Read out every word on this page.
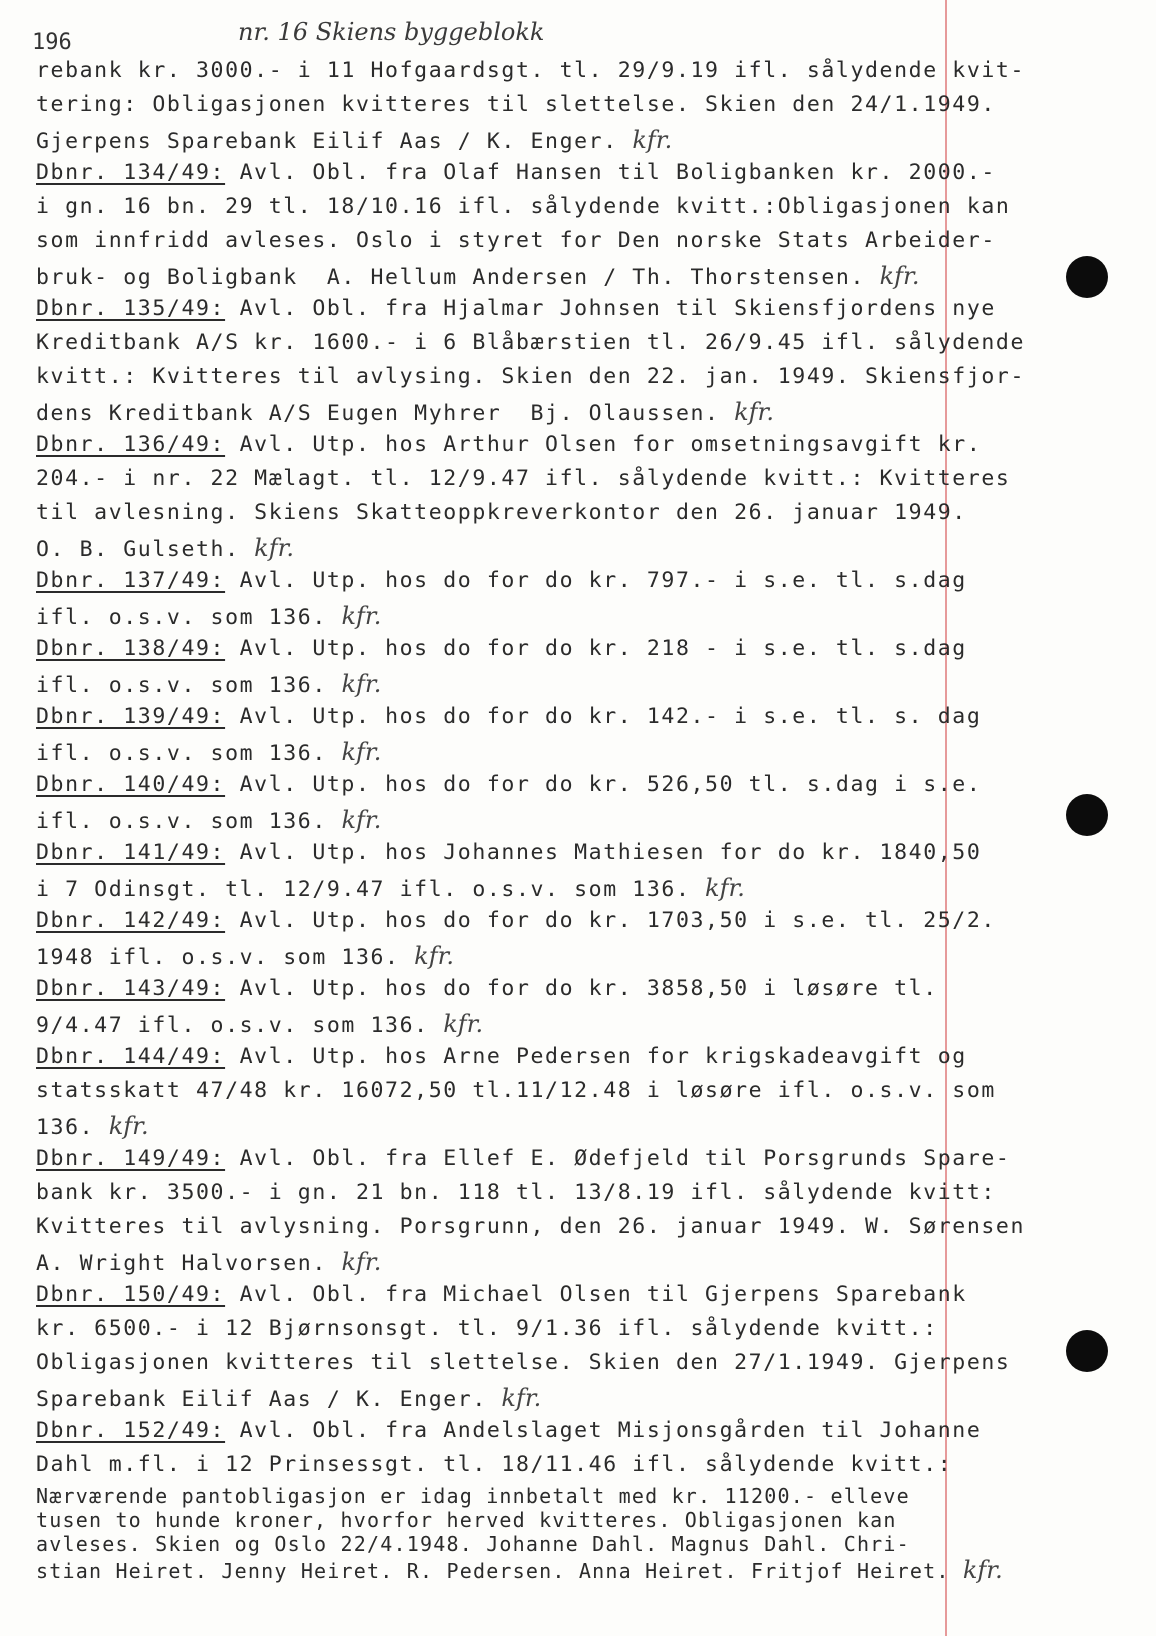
196	nr. 16 Skiens byggeblokk
rebank kr. 3000.- i 11 Hofgaardsgt. tl. 29/9.19 ifl. sålydende kvit-
tering: Obligasjonen kvitteres til slettelse. Skien den 24/1.1949.
Gjerpens Sparebank Eilif Aas / K. Enger. kfr.
Dbnr. 134/49: Avl. Obl. fra Olaf Hansen til Boligbanken kr. 2000.-
i gn. 16 bn. 29 tl. 18/10.16 ifl. sålydende kvitt.:Obligasjonen kan
som innfridd avleses. Oslo i styret for Den norske Stats Arbeider-
bruk- og Boligbank  A. Hellum Andersen / Th. Thorstensen. kfr.
Dbnr. 135/49: Avl. Obl. fra Hjalmar Johnsen til Skiensfjordens nye
Kreditbank A/S kr. 1600.- i 6 Blåbærstien tl. 26/9.45 ifl. sålydende
kvitt.: Kvitteres til avlysing. Skien den 22. jan. 1949. Skiensfjor-
dens Kreditbank A/S Eugen Myhrer  Bj. Olaussen. kfr.
Dbnr. 136/49: Avl. Utp. hos Arthur Olsen for omsetningsavgift kr.
204.- i nr. 22 Mælagt. tl. 12/9.47 ifl. sålydende kvitt.: Kvitteres
til avlesning. Skiens Skatteoppkreverkontor den 26. januar 1949.
O. B. Gulseth. kfr.
Dbnr. 137/49: Avl. Utp. hos do for do kr. 797.- i s.e. tl. s.dag
ifl. o.s.v. som 136. kfr.
Dbnr. 138/49: Avl. Utp. hos do for do kr. 218 - i s.e. tl. s.dag
ifl. o.s.v. som 136. kfr.
Dbnr. 139/49: Avl. Utp. hos do for do kr. 142.- i s.e. tl. s. dag
ifl. o.s.v. som 136. kfr.
Dbnr. 140/49: Avl. Utp. hos do for do kr. 526,50 tl. s.dag i s.e.
ifl. o.s.v. som 136. kfr.
Dbnr. 141/49: Avl. Utp. hos Johannes Mathiesen for do kr. 1840,50
i 7 Odinsgt. tl. 12/9.47 ifl. o.s.v. som 136. kfr.
Dbnr. 142/49: Avl. Utp. hos do for do kr. 1703,50 i s.e. tl. 25/2.
1948 ifl. o.s.v. som 136. kfr.
Dbnr. 143/49: Avl. Utp. hos do for do kr. 3858,50 i løsøre tl.
9/4.47 ifl. o.s.v. som 136. kfr.
Dbnr. 144/49: Avl. Utp. hos Arne Pedersen for krigskadeavgift og
statsskatt 47/48 kr. 16072,50 tl.11/12.48 i løsøre ifl. o.s.v. som
136. kfr.
Dbnr. 149/49: Avl. Obl. fra Ellef E. Ødefjeld til Porsgrunds Spare-
bank kr. 3500.- i gn. 21 bn. 118 tl. 13/8.19 ifl. sålydende kvitt:
Kvitteres til avlysning. Porsgrunn, den 26. januar 1949. W. Sørensen
A. Wright Halvorsen. kfr.
Dbnr. 150/49: Avl. Obl. fra Michael Olsen til Gjerpens Sparebank
kr. 6500.- i 12 Bjørnsonsgt. tl. 9/1.36 ifl. sålydende kvitt.:
Obligasjonen kvitteres til slettelse. Skien den 27/1.1949. Gjerpens
Sparebank Eilif Aas / K. Enger. kfr.
Dbnr. 152/49: Avl. Obl. fra Andelslaget Misjonsgården til Johanne
Dahl m.fl. i 12 Prinsessgt. tl. 18/11.46 ifl. sålydende kvitt.:
Nærværende pantobligasjon er idag innbetalt med kr. 11200.- elleve
tusen to hunde kroner, hvorfor herved kvitteres. Obligasjonen kan
avleses. Skien og Oslo 22/4.1948. Johanne Dahl. Magnus Dahl. Chri-
stian Heiret. Jenny Heiret. R. Pedersen. Anna Heiret. Fritjof Heiret. kfr.
